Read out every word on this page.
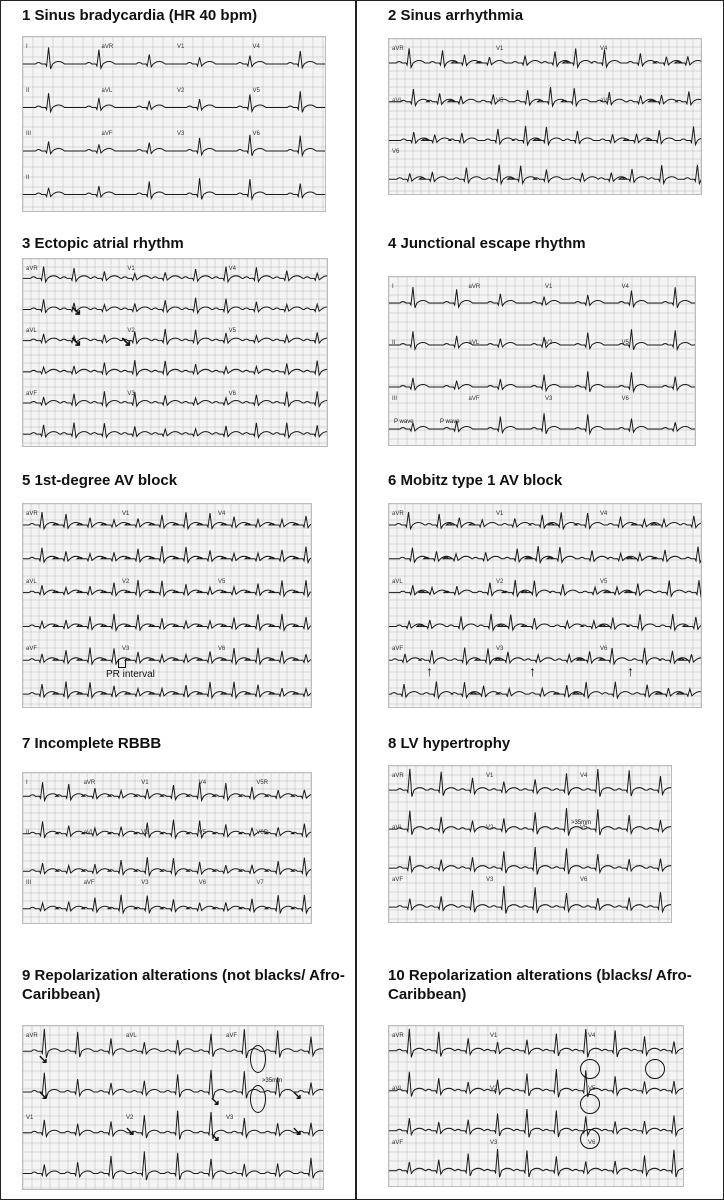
1 Sinus bradycardia (HR 40 bpm)	2 Sinus arrhythmia
3 Ectopic atrial rhythm	4 Junctional escape rhythm
5 1st-degree AV block	6 Mobitz type 1 AV block
7 Incomplete RBBB	8 LV hypertrophy
9 Repolarization alterations (not blacks/ Afro-Caribbean)
10 Repolarization alterations (blacks/ Afro-Caribbean)
I	aVR	V1	V4
II	aVL	V2	V5
III	aVF	V3	V6
II
aVR	V1	V4
aVL	V5	aVF
V6
aVR	V1	V4
aVL	V2	V5
aVF	V3	V6
I	aVR	V1	V4
II	aVL	V2	V5
III	aVF	V3	V6
aVR	V1	V4
aVL	V2	V5
aVF	V3	V6
aVR	V1	V4
aVL	V2	V5
aVF	V3	V6
I	aVR	V1	V4	V5R
II	aVL	V2	V5	V6R
III	aVF	V3	V6	V7
aVR	V1	V4
aVL	V2	V5
aVF	V3	V6
aVR	aVL	aVF
V1	V2	V3
aVR	V1	V4
aVL	V2	V5
aVF	V3	V6
P wave	P wave
PR interval
>35mm
>35mm
↘
↘	↘
↑	↑	↑
↘
↘
↘
↘
↘
↘
↘
